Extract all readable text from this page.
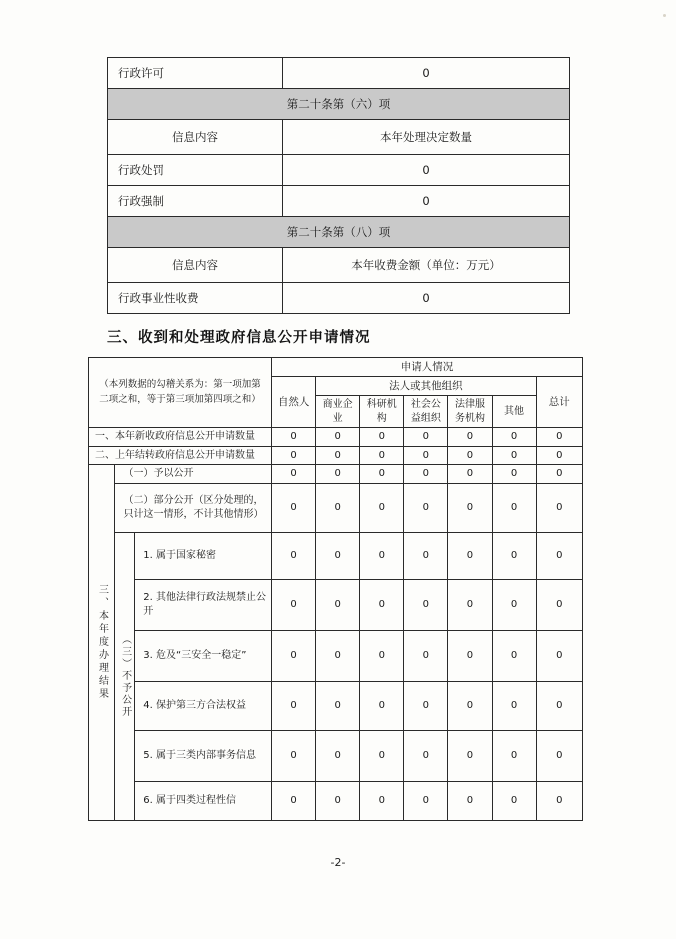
行政许可	0
第二十条第（六）项	
信息内容	本年处理决定数量
行政处罚	0
行政强制	0
第二十条第（八）项	
信息内容	本年收费金额（单位：万元）
行政事业性收费	0
三、收到和处理政府信息公开申请情况
（本列数据的勾稽关系为：第一项加第二项之和，等于第三项加第四项之和）			申请人情况						
			自然人	法人或其他组织					总计
				商业企业	科研机构	社会公益组织	法律服务机构	其他	
一、本年新收政府信息公开申请数量			0	0	0	0	0	0	0
二、上年结转政府信息公开申请数量			0	0	0	0	0	0	0
三、本年度办理结果	（一）予以公开		0	0	0	0	0	0	0
	（二）部分公开（区分处理的，只计这一情形，不计其他情形）		0	0	0	0	0	0	0
	（三）不予公开	1. 属于国家秘密	0	0	0	0	0	0	0
		2. 其他法律行政法规禁止公开	0	0	0	0	0	0	0
		3. 危及“三安全一稳定”	0	0	0	0	0	0	0
		4. 保护第三方合法权益	0	0	0	0	0	0	0
		5. 属于三类内部事务信息	0	0	0	0	0	0	0
		6. 属于四类过程性信	0	0	0	0	0	0	0
-2-
